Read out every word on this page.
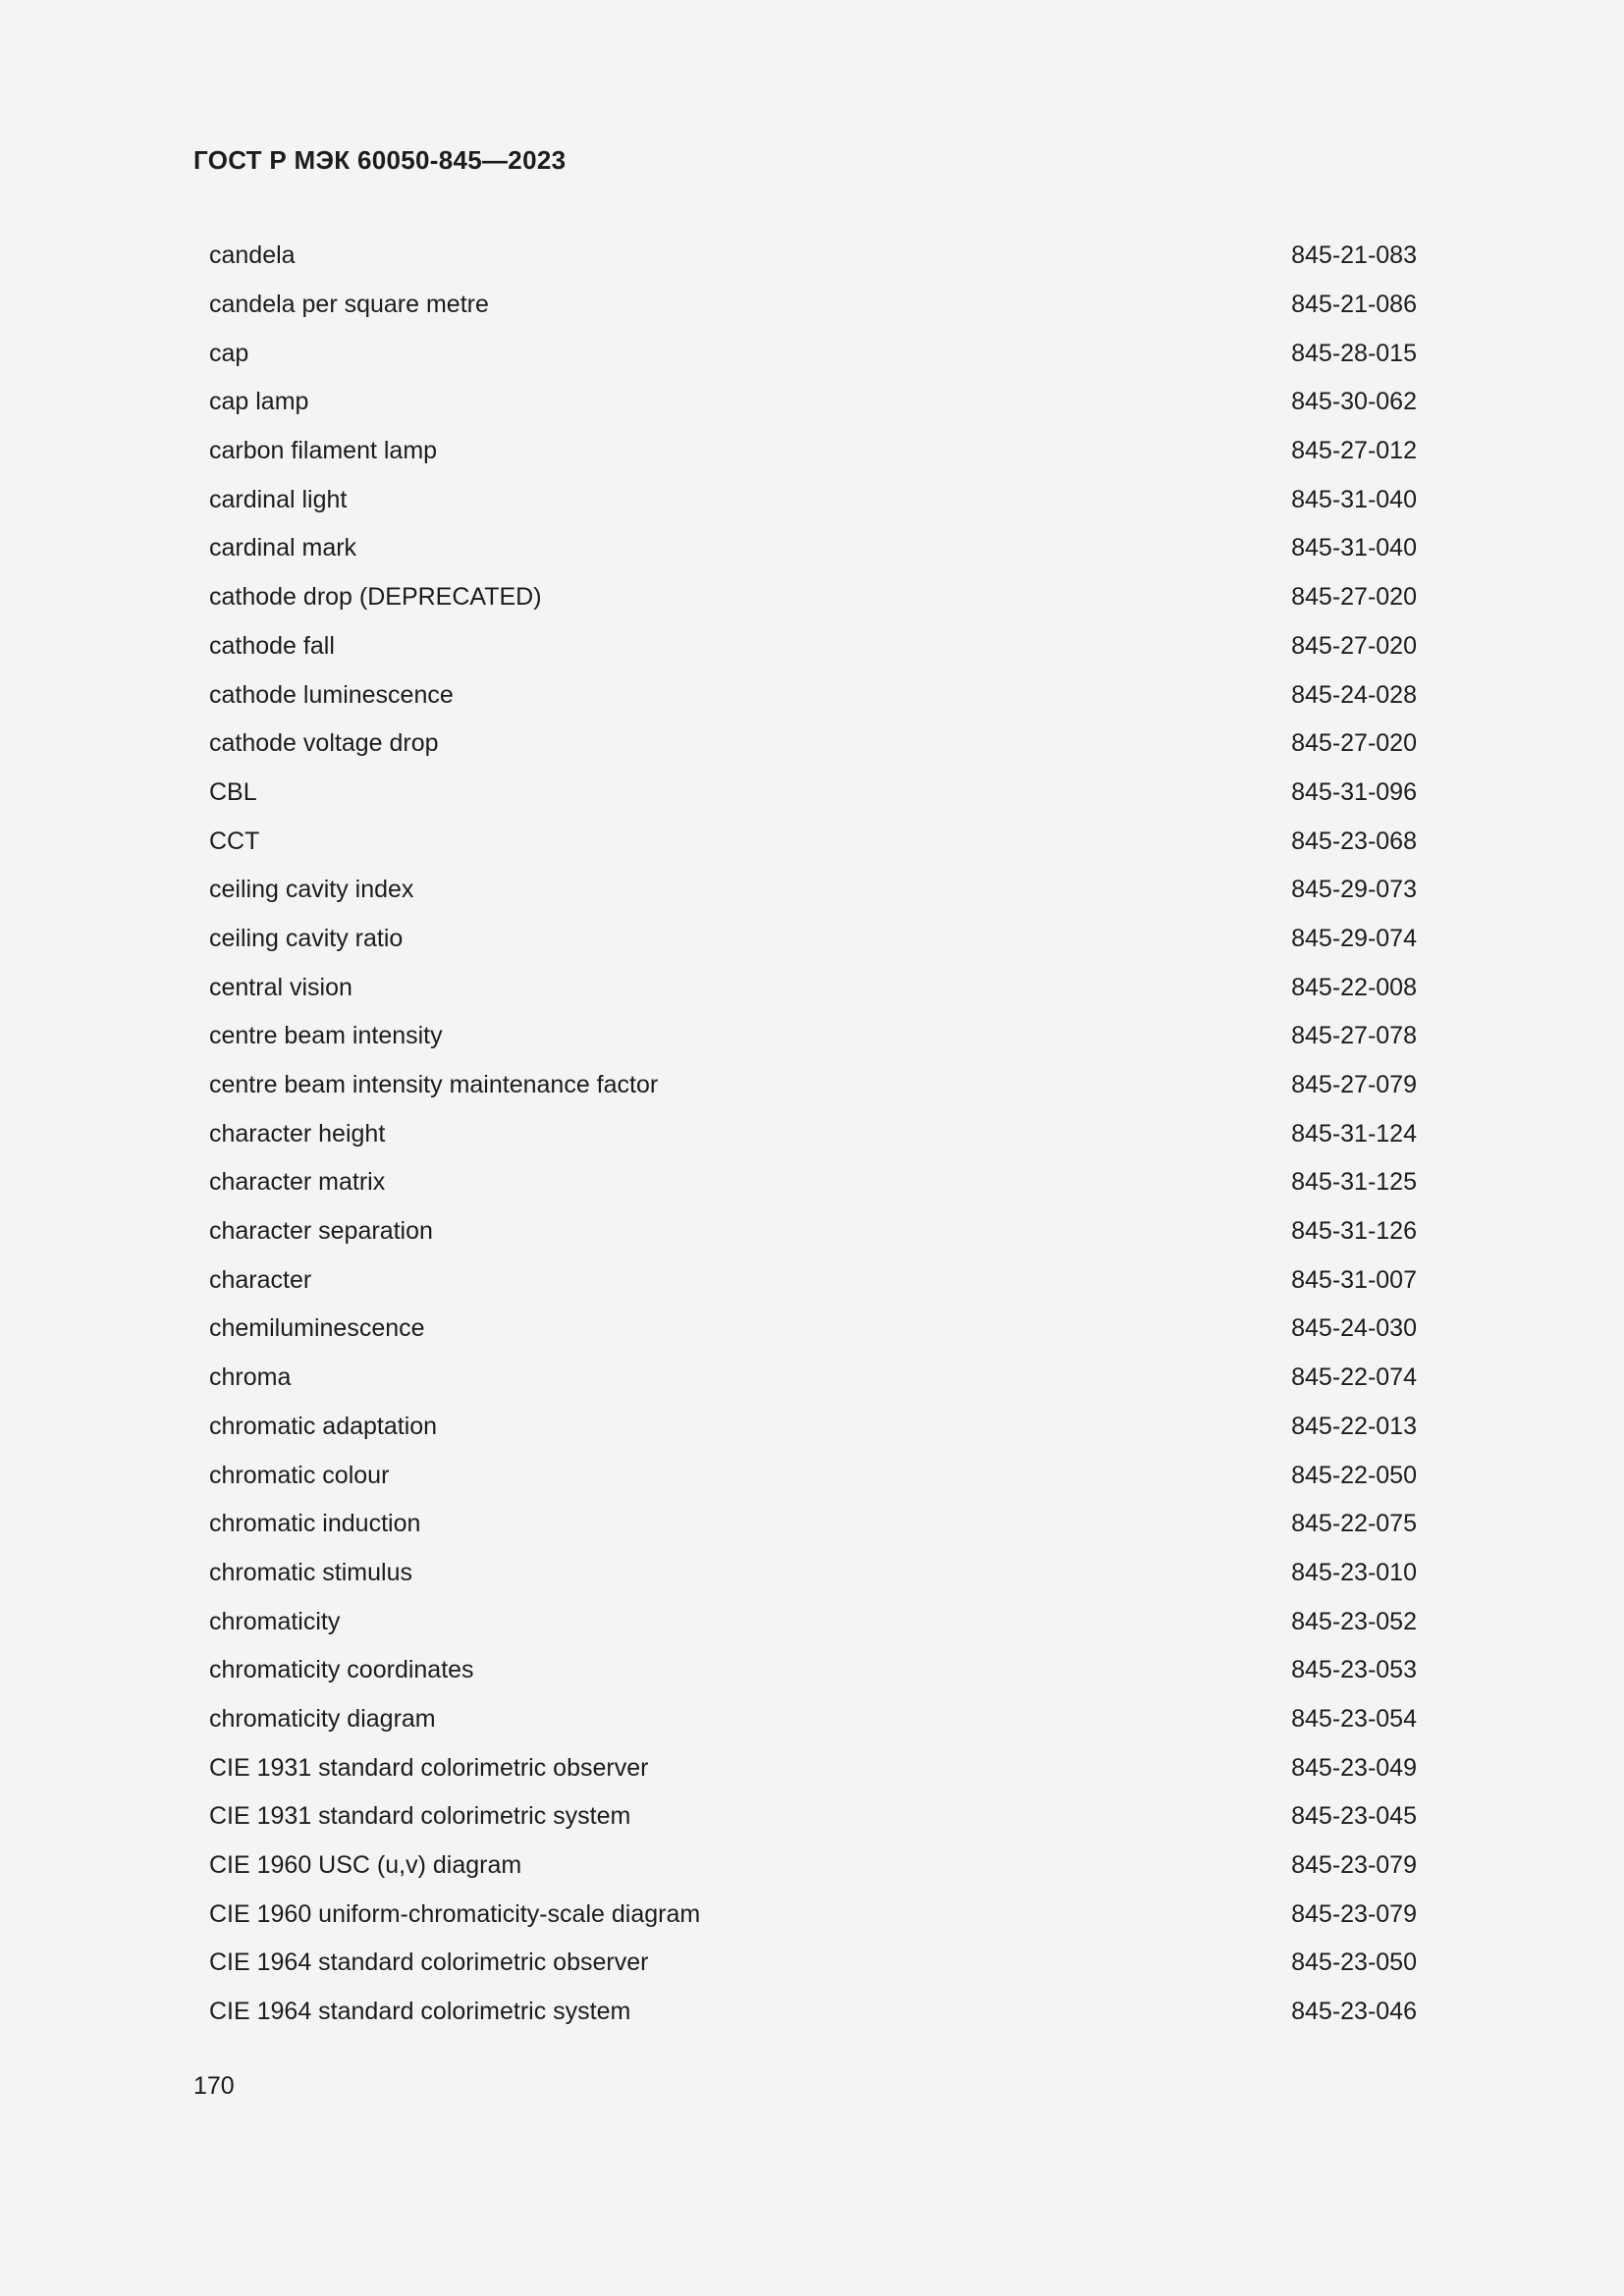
ГОСТ Р МЭК 60050-845—2023
candela	845-21-083
candela per square metre	845-21-086
cap	845-28-015
cap lamp	845-30-062
carbon filament lamp	845-27-012
cardinal light	845-31-040
cardinal mark	845-31-040
cathode drop (DEPRECATED)	845-27-020
cathode fall	845-27-020
cathode luminescence	845-24-028
cathode voltage drop	845-27-020
CBL	845-31-096
CCT	845-23-068
ceiling cavity index	845-29-073
ceiling cavity ratio	845-29-074
central vision	845-22-008
centre beam intensity	845-27-078
centre beam intensity maintenance factor	845-27-079
character height	845-31-124
character matrix	845-31-125
character separation	845-31-126
character	845-31-007
chemiluminescence	845-24-030
chroma	845-22-074
chromatic adaptation	845-22-013
chromatic colour	845-22-050
chromatic induction	845-22-075
chromatic stimulus	845-23-010
chromaticity	845-23-052
chromaticity coordinates	845-23-053
chromaticity diagram	845-23-054
CIE 1931 standard colorimetric observer	845-23-049
CIE 1931 standard colorimetric system	845-23-045
CIE 1960 USC (u,v) diagram	845-23-079
CIE 1960 uniform-chromaticity-scale diagram	845-23-079
CIE 1964 standard colorimetric observer	845-23-050
CIE 1964 standard colorimetric system	845-23-046
170
